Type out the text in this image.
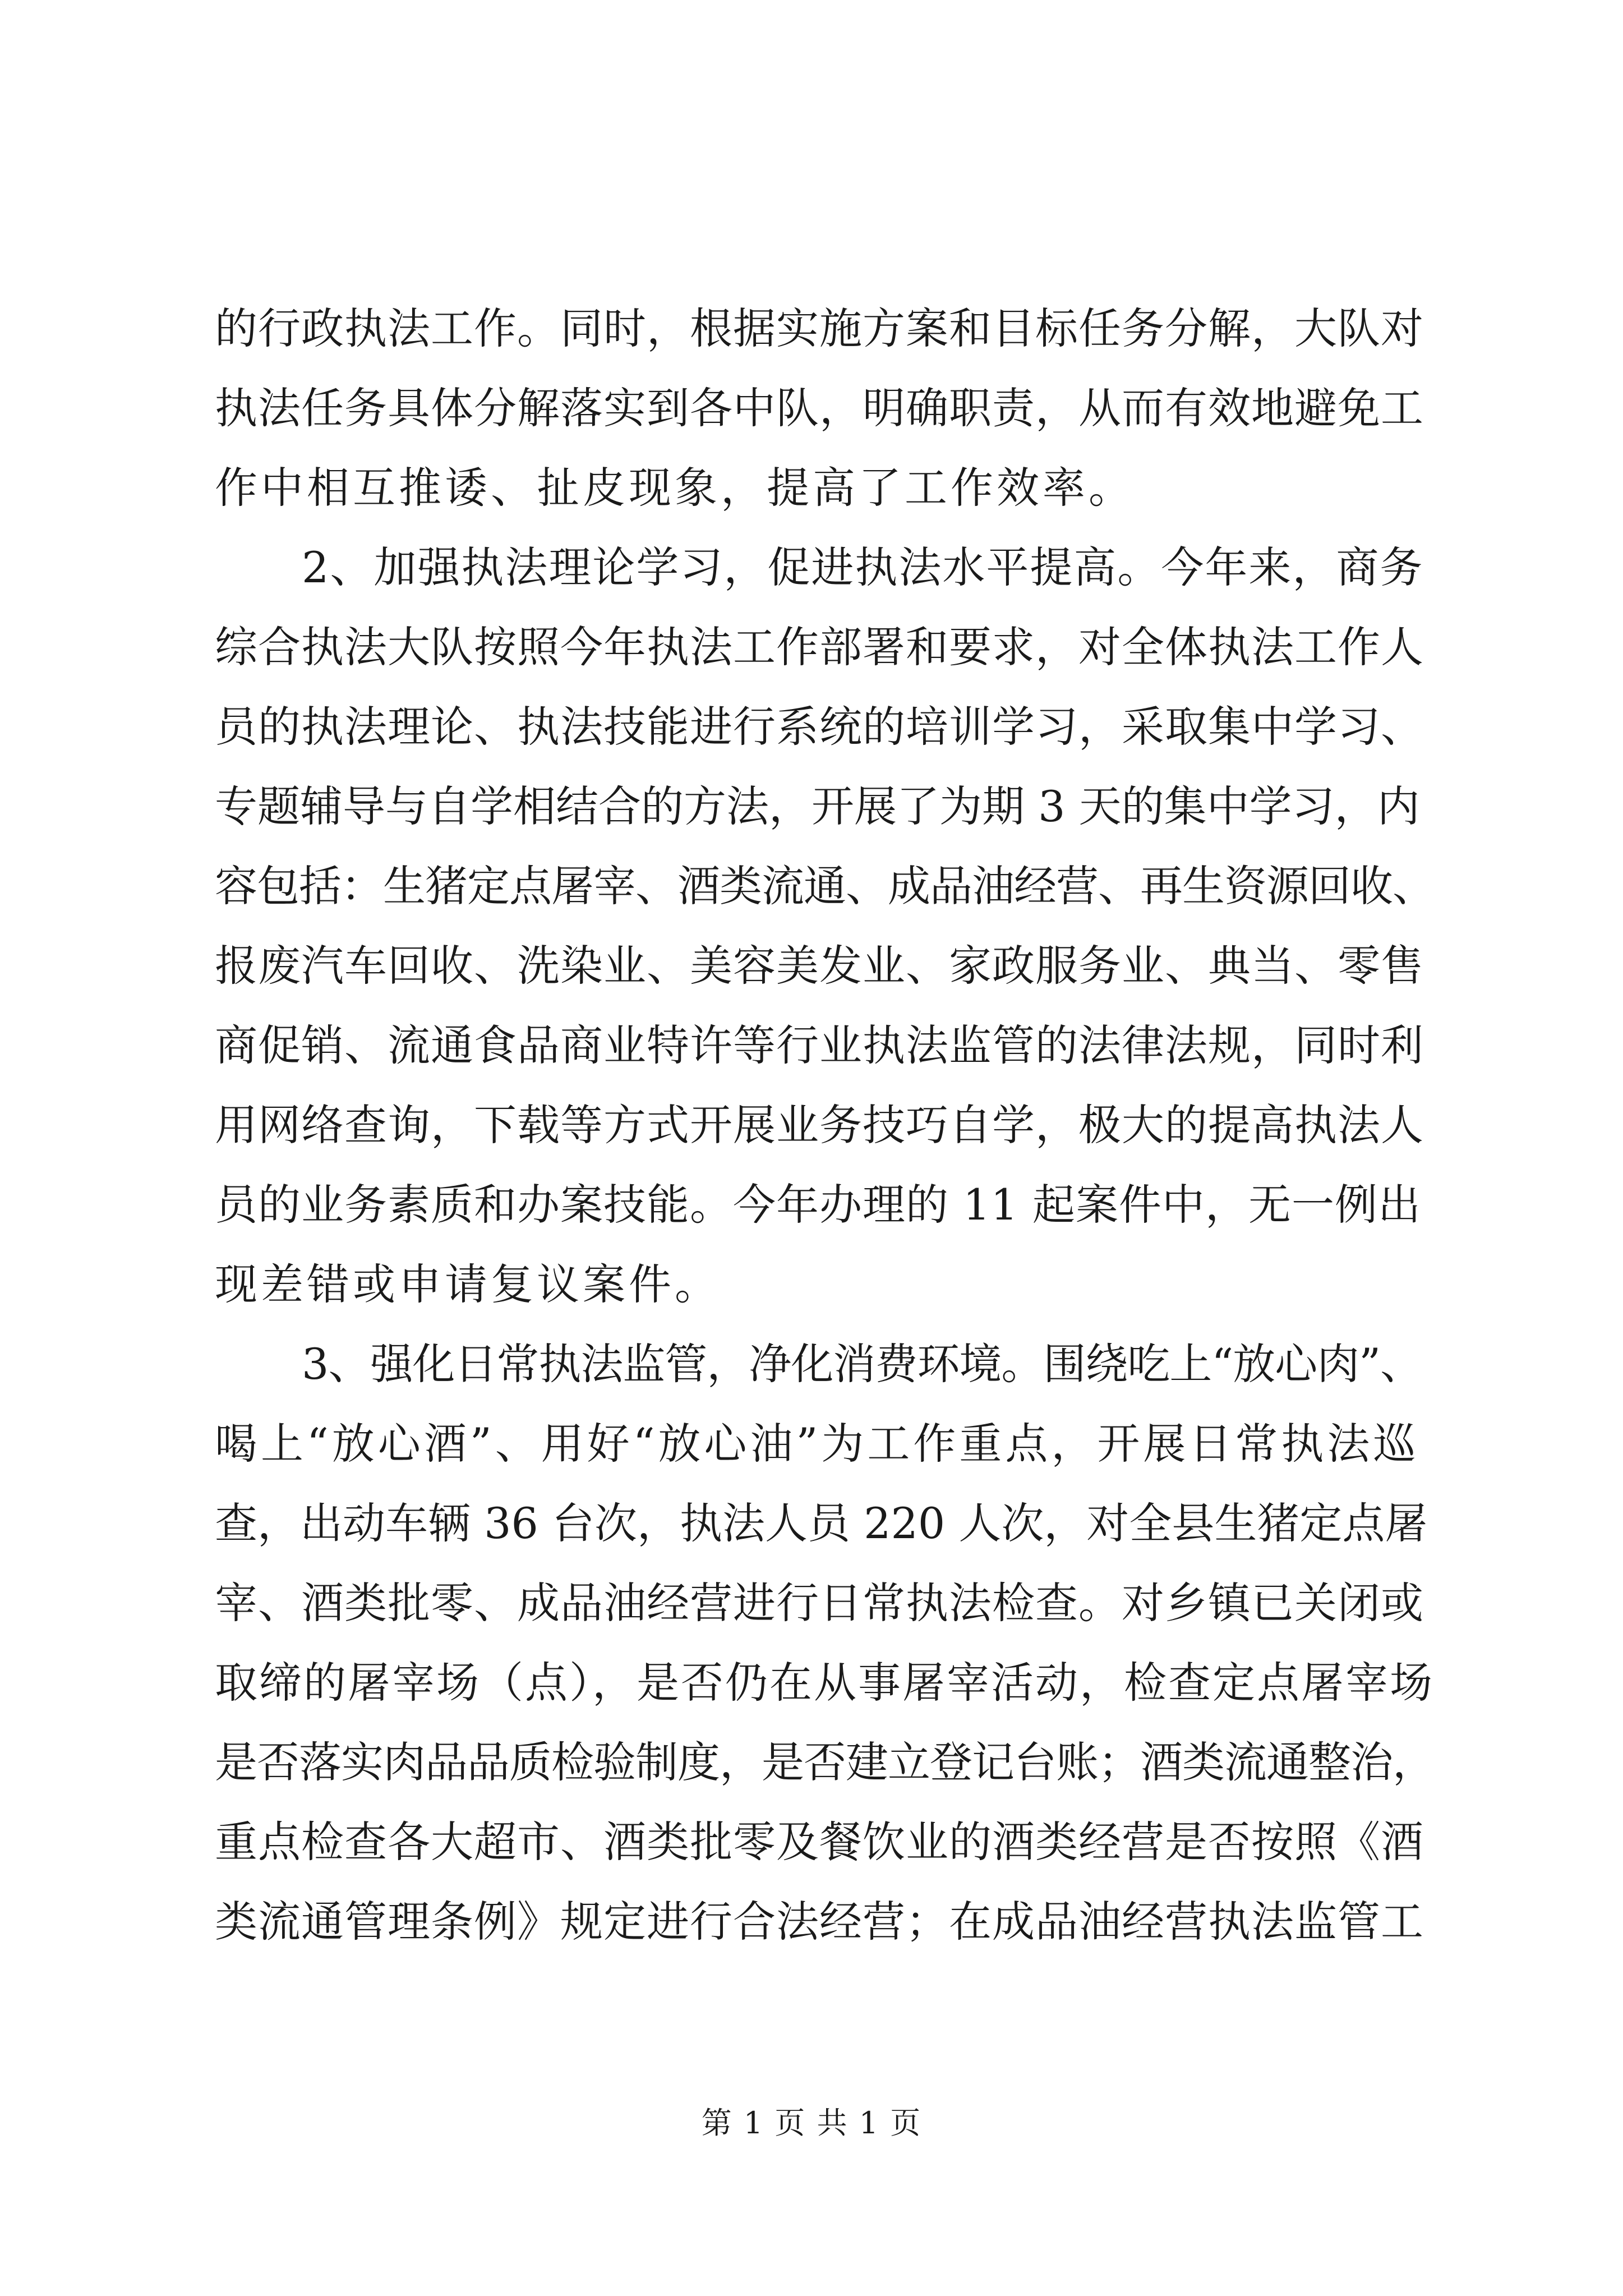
的行政执法工作。同时，根据实施方案和目标任务分解，大队对
执法任务具体分解落实到各中队，明确职责，从而有效地避免工
作中相互推诿、扯皮现象，提高了工作效率。
2、加强执法理论学习，促进执法水平提高。今年来，商务
综合执法大队按照今年执法工作部署和要求，对全体执法工作人
员的执法理论、执法技能进行系统的培训学习，采取集中学习、
专题辅导与自学相结合的方法，开展了为期 3 天的集中学习，内
容包括：生猪定点屠宰、酒类流通、成品油经营、再生资源回收、
报废汽车回收、洗染业、美容美发业、家政服务业、典当、零售
商促销、流通食品商业特许等行业执法监管的法律法规，同时利
用网络查询，下载等方式开展业务技巧自学，极大的提高执法人
员的业务素质和办案技能。今年办理的 11 起案件中，无一例出
现差错或申请复议案件。
3、强化日常执法监管，净化消费环境。围绕吃上“放心肉”、
喝上“放心酒”、用好“放心油”为工作重点，开展日常执法巡
查，出动车辆 36 台次，执法人员 220 人次，对全县生猪定点屠
宰、酒类批零、成品油经营进行日常执法检查。对乡镇已关闭或
取缔的屠宰场（点），是否仍在从事屠宰活动，检查定点屠宰场
是否落实肉品品质检验制度，是否建立登记台账；酒类流通整治，
重点检查各大超市、酒类批零及餐饮业的酒类经营是否按照《酒
类流通管理条例》规定进行合法经营；在成品油经营执法监管工
第 1 页 共 1 页
